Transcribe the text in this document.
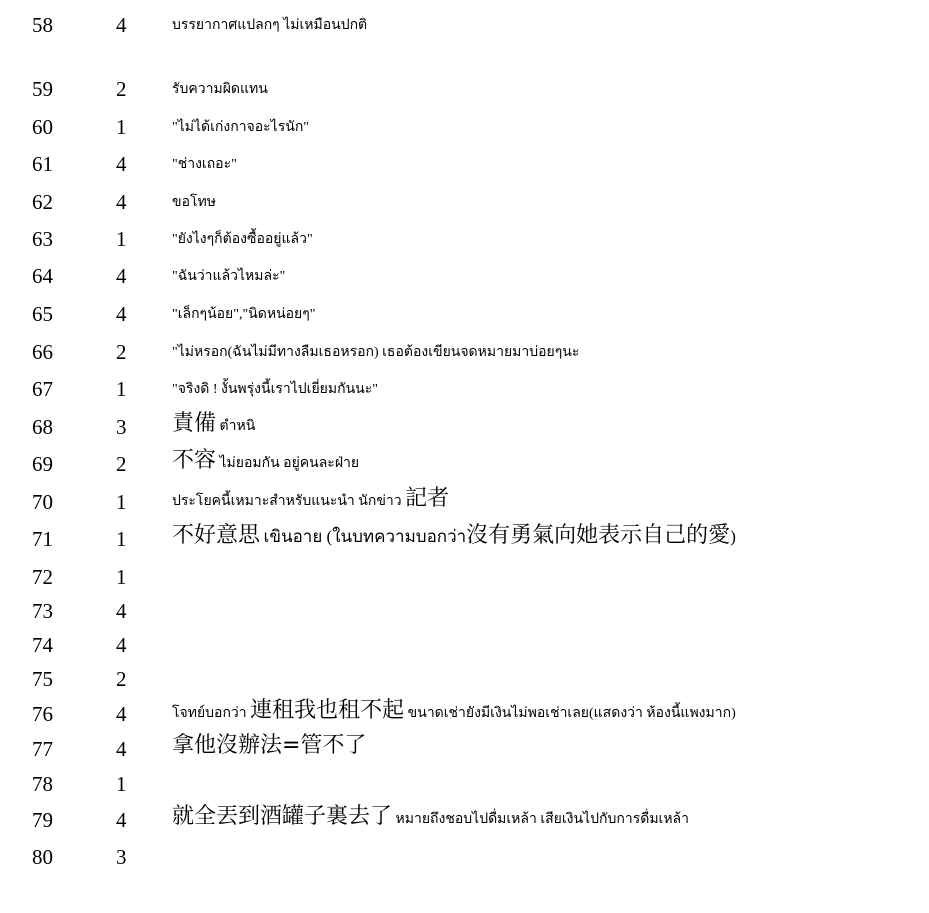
58	4	บรรยากาศแปลกๆ ไม่เหมือนปกติ
59	2	รับความผิดแทน
60	1	"ไม่ได้เก่งกาจอะไรนัก"
61	4	"ช่างเถอะ"
62	4	ขอโทษ
63	1	"ยังไงๆก็ต้องซื้ออยู่แล้ว"
64	4	"ฉันว่าแล้วไหมล่ะ"
65	4	"เล็กๆน้อย","นิดหน่อยๆ"
66	2	"ไม่หรอก(ฉันไม่มีทางลืมเธอหรอก) เธอต้องเขียนจดหมายมาบ่อยๆนะ
67	1	"จริงดิ ! งั้นพรุ่งนี้เราไปเยี่ยมกันนะ"
68	3 責備 ตำหนิ
69	2 不容 ไม่ยอมกัน อยู่คนละฝ่าย
70	1	ประโยคนี้เหมาะสำหรับแนะนำ นักข่าว 記者
71	1 不好意思 เขินอาย (ในบทความบอกว่า沒有勇氣向她表示自己的愛)
72	1
73	4
74	4
75	2
76	4	โจทย์บอกว่า 連租我也租不起 ขนาดเช่ายังมีเงินไม่พอเช่าเลย(แสดงว่า ห้องนี้แพงมาก)
77	4 拿他沒辦法=管不了
78	1
79	4 就全丟到酒罐子裏去了 หมายถึงชอบไปดื่มเหล้า เสียเงินไปกับการดื่มเหล้า
80	3
